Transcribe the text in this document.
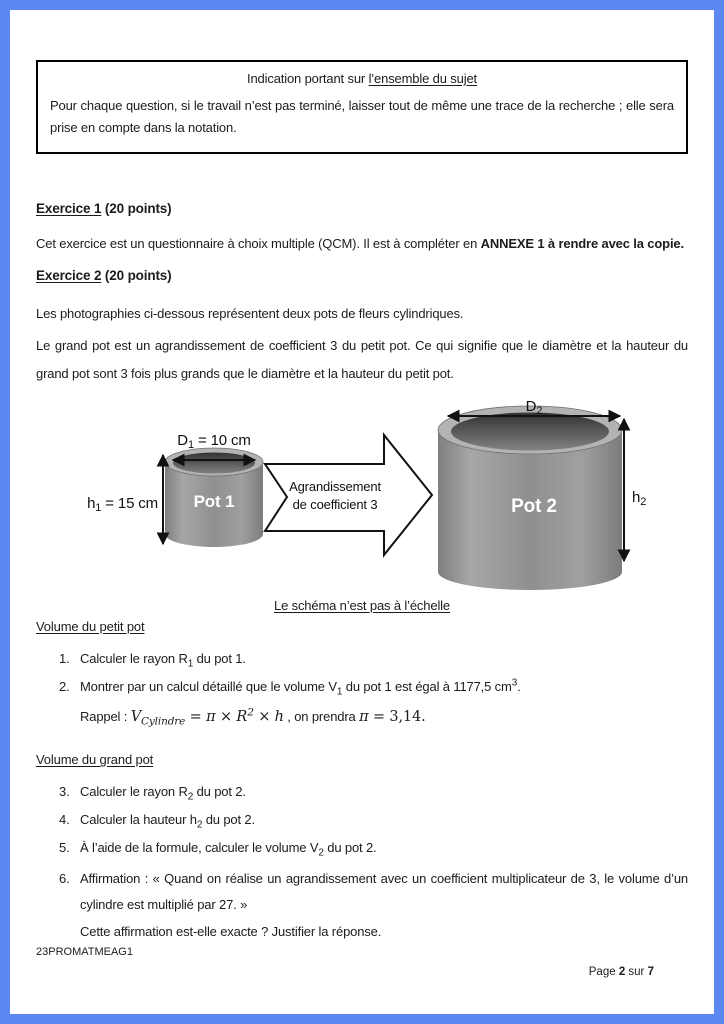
Indication portant sur l’ensemble du sujet

Pour chaque question, si le travail n’est pas terminé, laisser tout de même une trace de la recherche ; elle sera prise en compte dans la notation.

Exercice 1 (20 points)

Cet exercice est un questionnaire à choix multiple (QCM). Il est à compléter en ANNEXE 1 à rendre avec la copie.

Exercice 2 (20 points)

Les photographies ci-dessous représentent deux pots de fleurs cylindriques.

Le grand pot est un agrandissement de coefficient 3 du petit pot. Ce qui signifie que le diamètre et la hauteur du grand pot sont 3 fois plus grands que le diamètre et la hauteur du petit pot.

Pot 1	Pot 2
$D_1 = 10$ cm
$h_1 = 15$ cm
$D_2$
$h_2$
Agrandissement
de coefficient 3
Le schéma n’est pas à l’échelle
Volume du petit pot
1. Calculer le rayon $R_1$ du pot 1.
2. Montrer par un calcul détaillé que le volume $V_1$ du pot 1 est égal à 1177,5 $cm^3$.

Rappel : $V_{Cylindre} = \pi \times R^2 \times h$ , on prendra π = 3,14.

Volume du grand pot
3. Calculer le rayon $R_2$ du pot 2.
4. Calculer la hauteur $h_2$ du pot 2.
5. À l’aide de la formule, calculer le volume $V_2$ du pot 2.
6. Affirmation : « Quand on réalise un agrandissement avec un coefficient multiplicateur de 3, le volume d’un cylindre est multiplié par 27. »

Cette affirmation est-elle exacte ? Justifier la réponse.

23PROMATMEAG1
Page 2 sur 7
